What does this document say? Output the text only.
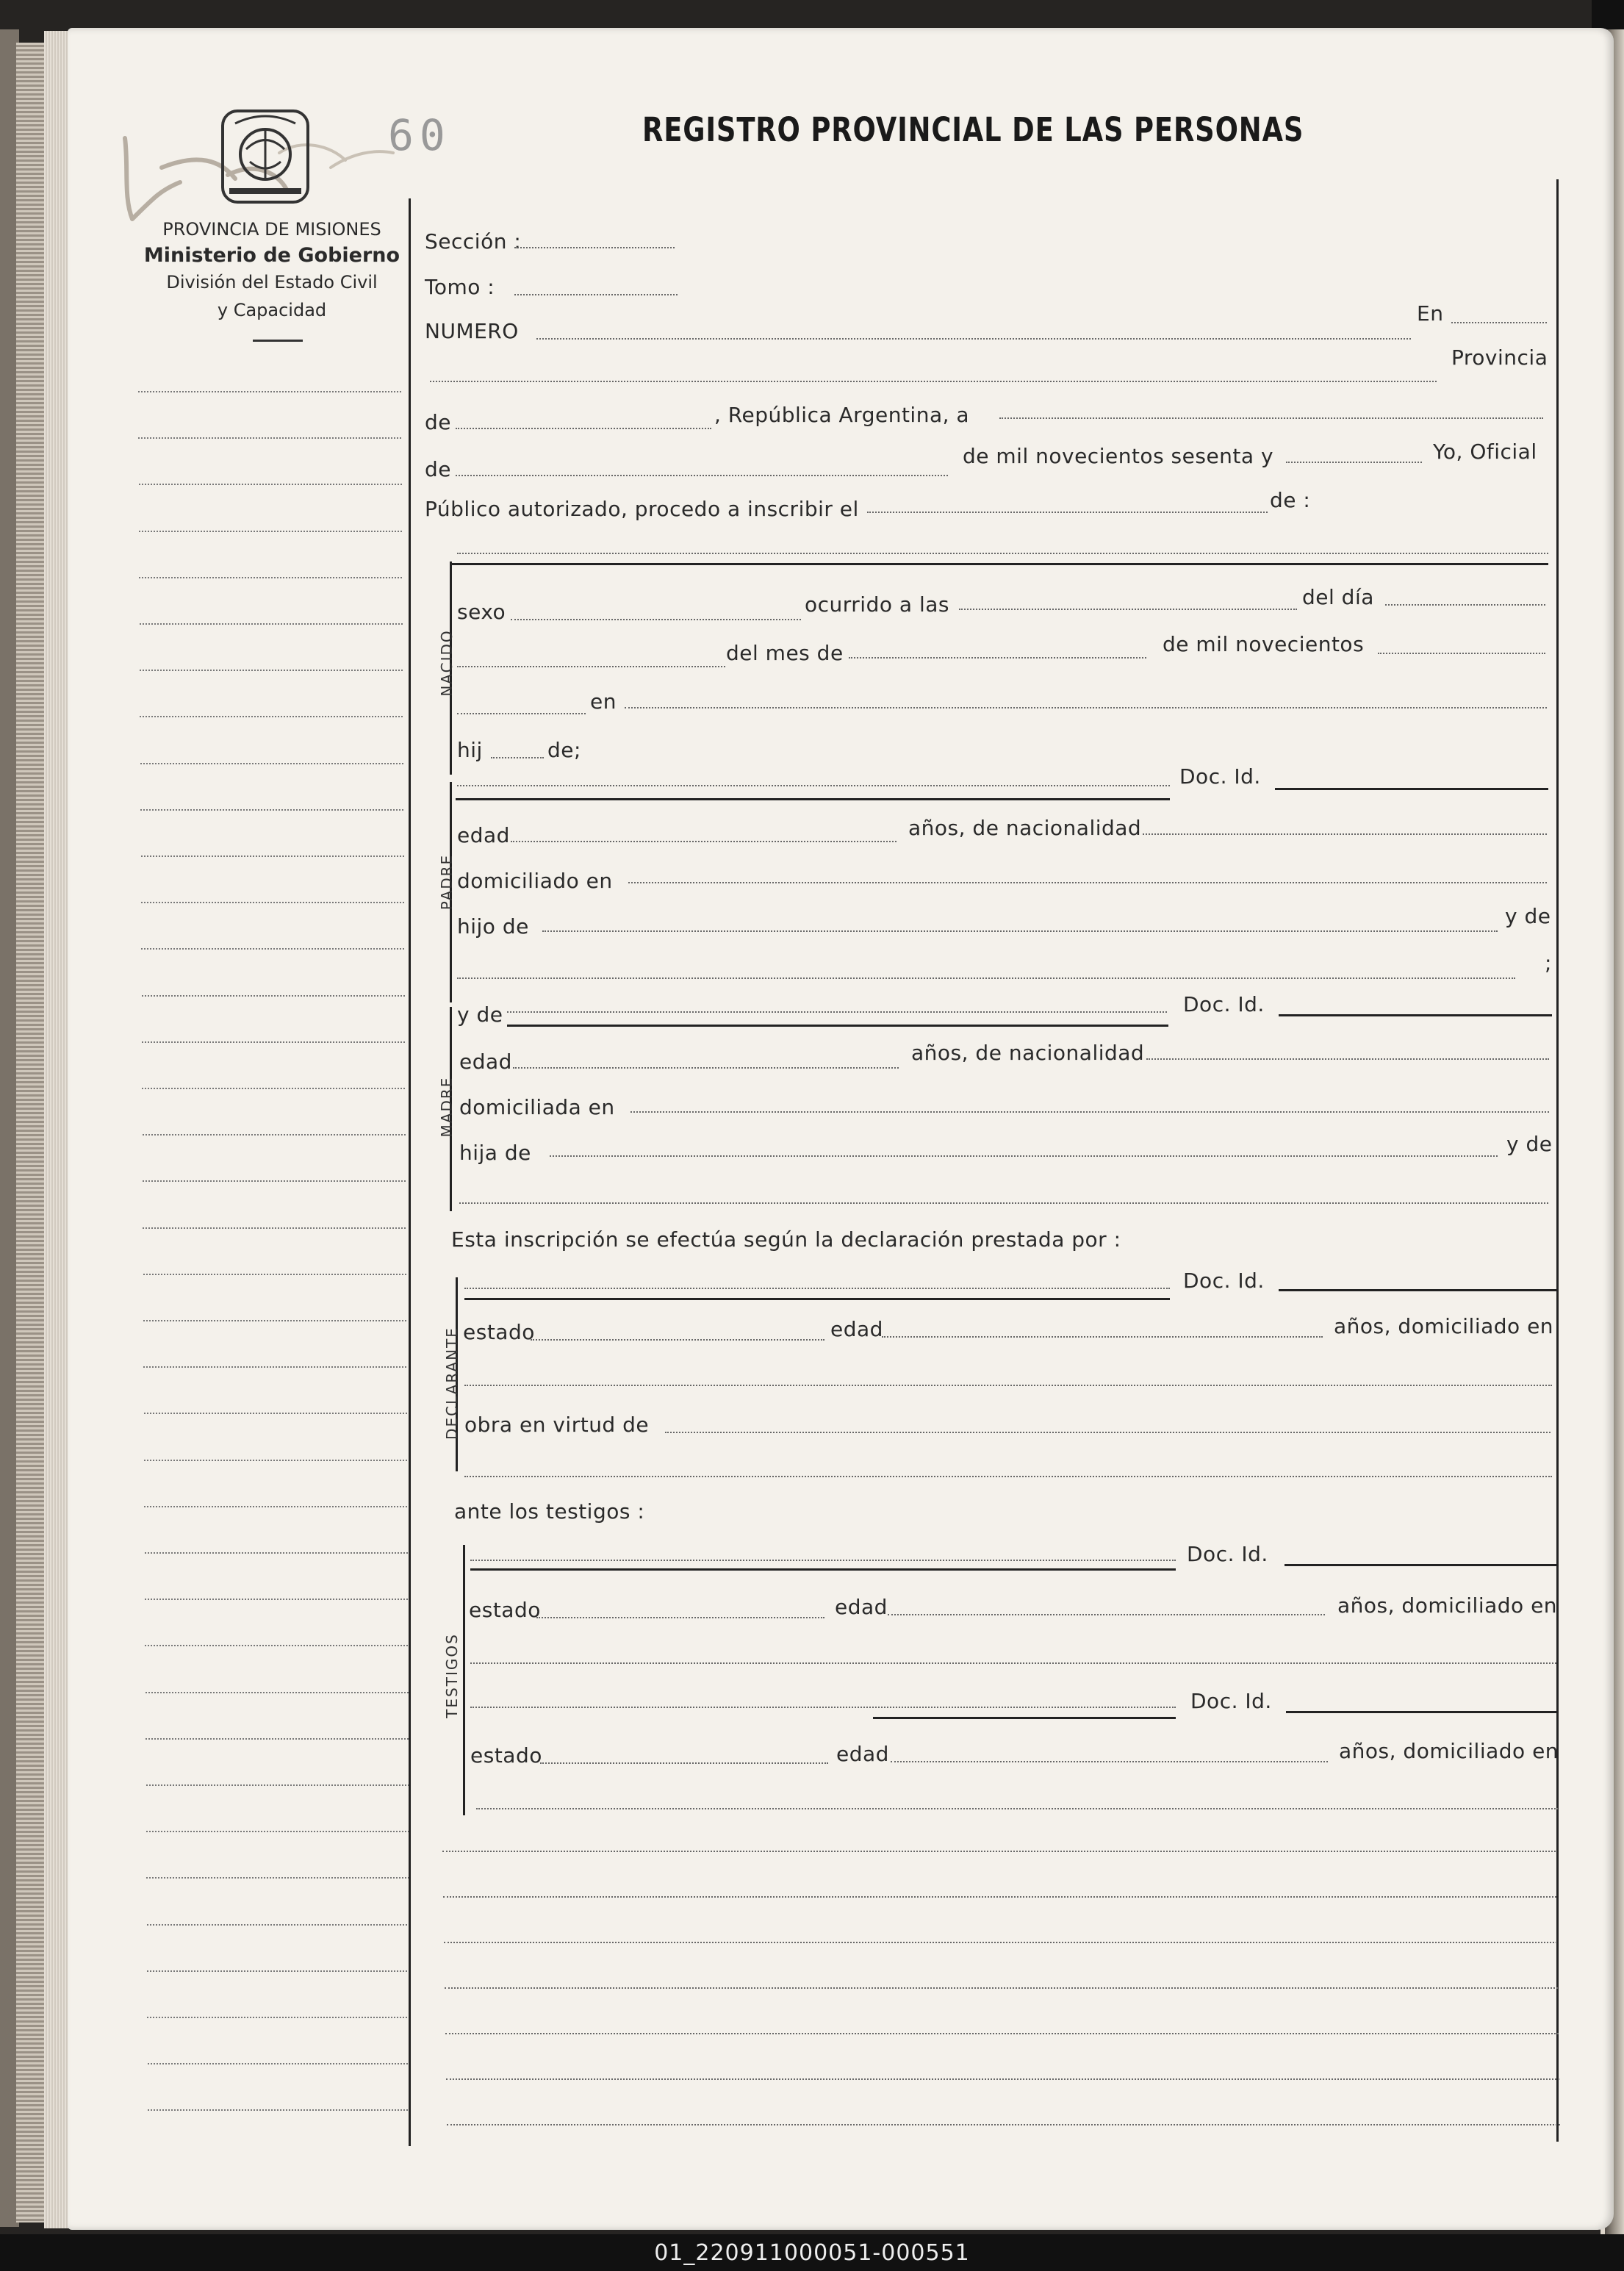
60	REGISTRO PROVINCIAL DE LAS PERSONAS
PROVINCIA DE MISIONES
Ministerio de Gobierno
División del Estado Civil
y Capacidad
NACIDO
PADRE
MADRE
DECLARANTE
TESTIGOS
Sección :
Tomo :
NUMERO
En
Provincia
de	, República Argentina, a
de
de mil novecientos sesenta y	Yo, Oficial
Público autorizado, procedo a inscribir el	de :
sexo	ocurrido a las	del día
del mes de	de mil novecientos
en
hij	de;
Doc. Id.
edad	años, de nacionalidad
domiciliado en
hijo de	y de
;
y de	Doc. Id.
edad	años, de nacionalidad
domiciliada en
hija de	y de
Esta inscripción se efectúa según la declaración prestada por :
Doc. Id.
estado	edad	años, domiciliado en
obra en virtud de
ante los testigos :
Doc. Id.
estado	edad	años, domiciliado en
Doc. Id.
estado	edad	años, domiciliado en
01_220911000051-000551
